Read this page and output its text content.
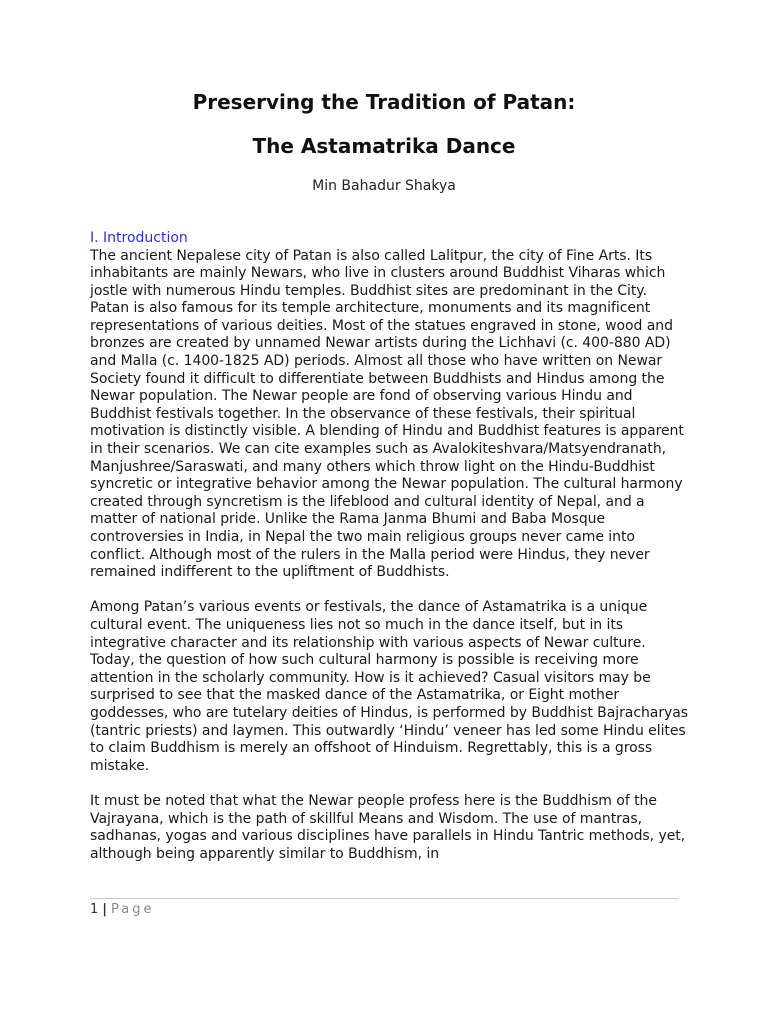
Preserving the Tradition of Patan:
The Astamatrika Dance
Min Bahadur Shakya
I. Introduction

The ancient Nepalese city of Patan is also called Lalitpur, the city of Fine Arts. Its inhabitants are mainly Newars, who live in clusters around Buddhist Viharas which jostle with numerous Hindu temples. Buddhist sites are predominant in the City. Patan is also famous for its temple architecture, monuments and its magnificent representations of various deities. Most of the statues engraved in stone, wood and bronzes are created by unnamed Newar artists during the Lichhavi (c. 400-880 AD) and Malla (c. 1400-1825 AD) periods. Almost all those who have written on Newar Society found it difficult to differentiate between Buddhists and Hindus among the Newar population. The Newar people are fond of observing various Hindu and Buddhist festivals together. In the observance of these festivals, their spiritual motivation is distinctly visible. A blending of Hindu and Buddhist features is apparent in their scenarios. We can cite examples such as Avalokiteshvara/Matsyendranath, Manjushree/Saraswati, and many others which throw light on the Hindu-Buddhist syncretic or integrative behavior among the Newar population. The cultural harmony created through syncretism is the lifeblood and cultural identity of Nepal, and a matter of national pride. Unlike the Rama Janma Bhumi and Baba Mosque controversies in India, in Nepal the two main religious groups never came into conflict. Although most of the rulers in the Malla period were Hindus, they never remained indifferent to the upliftment of Buddhists.

Among Patan’s various events or festivals, the dance of Astamatrika is a unique cultural event. The uniqueness lies not so much in the dance itself, but in its integrative character and its relationship with various aspects of Newar culture. Today, the question of how such cultural harmony is possible is receiving more attention in the scholarly community. How is it achieved? Casual visitors may be surprised to see that the masked dance of the Astamatrika, or Eight mother goddesses, who are tutelary deities of Hindus, is performed by Buddhist Bajracharyas (tantric priests) and laymen. This outwardly ‘Hindu’ veneer has led some Hindu elites to claim Buddhism is merely an offshoot of Hinduism. Regrettably, this is a gross mistake.

It must be noted that what the Newar people profess here is the Buddhism of the Vajrayana, which is the path of skillful Means and Wisdom. The use of mantras, sadhanas, yogas and various disciplines have parallels in Hindu Tantric methods, yet, although being apparently similar to Buddhism, in

1 | Page
